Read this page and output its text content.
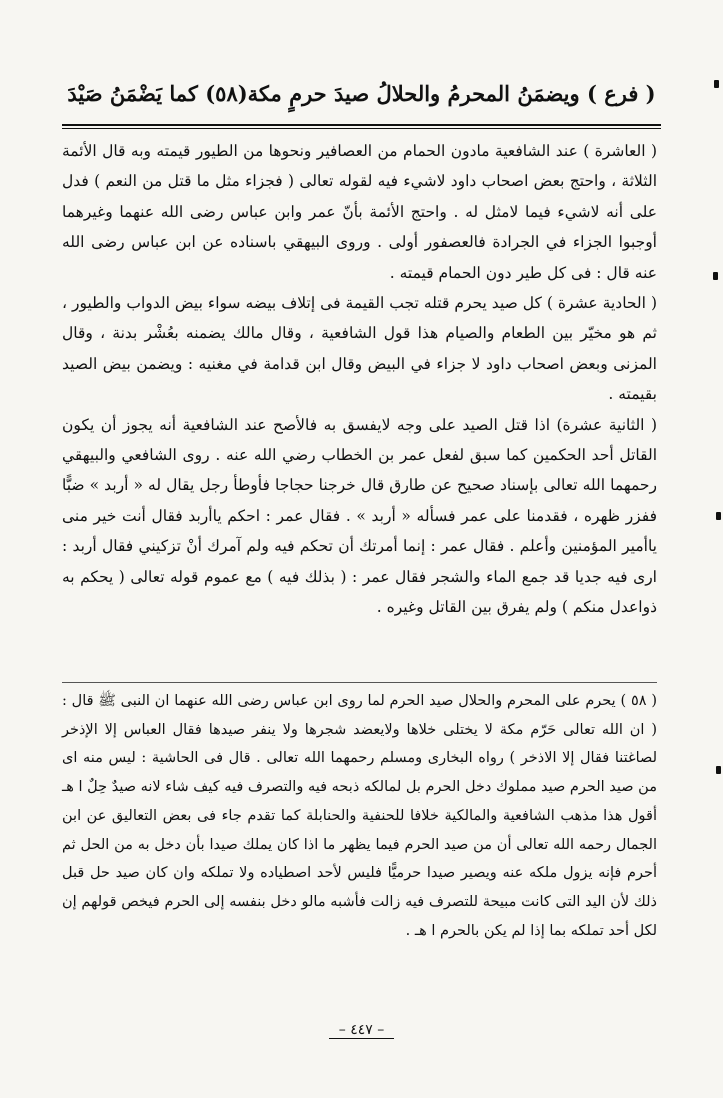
( فرع ) ويضمَنُ المحرمُ والحلالُ صيدَ حرمٍ مكة(٥٨) كما يَضْمَنُ صَيْدَ

( العاشرة ) عند الشافعية مادون الحمام من العصافير ونحوها من الطيور قيمته وبه قال الأئمة الثلاثة ، واحتج بعض اصحاب داود لاشيء فيه لقوله تعالى ( فجزاء مثل ما قتل من النعم ) فدل على أنه لاشيء فيما لامثل له . واحتج الأئمة بأنّ عمر وابن عباس رضى الله عنهما وغيرهما أوجبوا الجزاء في الجرادة فالعصفور أولى . وروى البيهقي باسناده عن ابن عباس رضى الله عنه قال : فى كل طير دون الحمام قيمته .

( الحادية عشرة ) كل صيد يحرم قتله تجب القيمة فى إتلاف بيضه سواء بيض الدواب والطيور ، ثم هو مخيّر بين الطعام والصيام هذا قول الشافعية ، وقال مالك يضمنه بعُشْر بدنة ، وقال المزنى وبعض اصحاب داود لا جزاء في البيض وقال ابن قدامة في مغنيه : ويضمن بيض الصيد بقيمته .

( الثانية عشرة) اذا قتل الصيد على وجه لايفسق به فالأصح عند الشافعية أنه يجوز أن يكون القاتل أحد الحكمين كما سبق لفعل عمر بن الخطاب رضي الله عنه . روى الشافعي والبيهقي رحمهما الله تعالى بإسناد صحيح عن طارق قال خرجنا حجاجا فأوطأ رجل يقال له « أربد » ضبًّا ففزر ظهره ، فقدمنا على عمر فسأله « أربد » . فقال عمر : احكم ياأربد فقال أنت خير منى ياأمير المؤمنين وأعلم . فقال عمر : إنما أمرتك أن تحكم فيه ولم آمرك أنْ تزكيني فقال أربد : ارى فيه جديا قد جمع الماء والشجر فقال عمر : ( بذلك فيه ) مع عموم قوله تعالى ( يحكم به ذواعدل منكم ) ولم يفرق بين القاتل وغيره .

( ٥٨ ) يحرم على المحرم والحلال صيد الحرم لما روى ابن عباس رضى الله عنهما ان النبى ﷺ قال : ( ان الله تعالى حَرّم مكة لا يختلى خلاها ولايعضد شجرها ولا ينفر صيدها فقال العباس إلا الإذخر لصاغتنا فقال إلا الاذخر ) رواه البخارى ومسلم رحمهما الله تعالى . قال فى الحاشية : ليس منه اى من صيد الحرم صيد مملوك دخل الحرم بل لمالكه ذبحه فيه والتصرف فيه كيف شاء لانه صيدٌ حِلٌ ا هـ أقول هذا مذهب الشافعية والمالكية خلافا للحنفية والحنابلة كما تقدم جاء فى بعض التعاليق عن ابن الجمال رحمه الله تعالى أن من صيد الحرم فيما يظهر ما اذا كان يملك صيدا بأن دخل به من الحل ثم أحرم فإنه يزول ملكه عنه ويصير صيدا حرميًّا فليس لأحد اصطياده ولا تملكه وان كان صيد حل قبل ذلك لأن اليد التى كانت مبيحة للتصرف فيه زالت فأشبه مالو دخل بنفسه إلى الحرم فيخص قولهم إن لكل أحد تملكه بما إذا لم يكن بالحرم ا هـ .

– ٤٤٧ –
